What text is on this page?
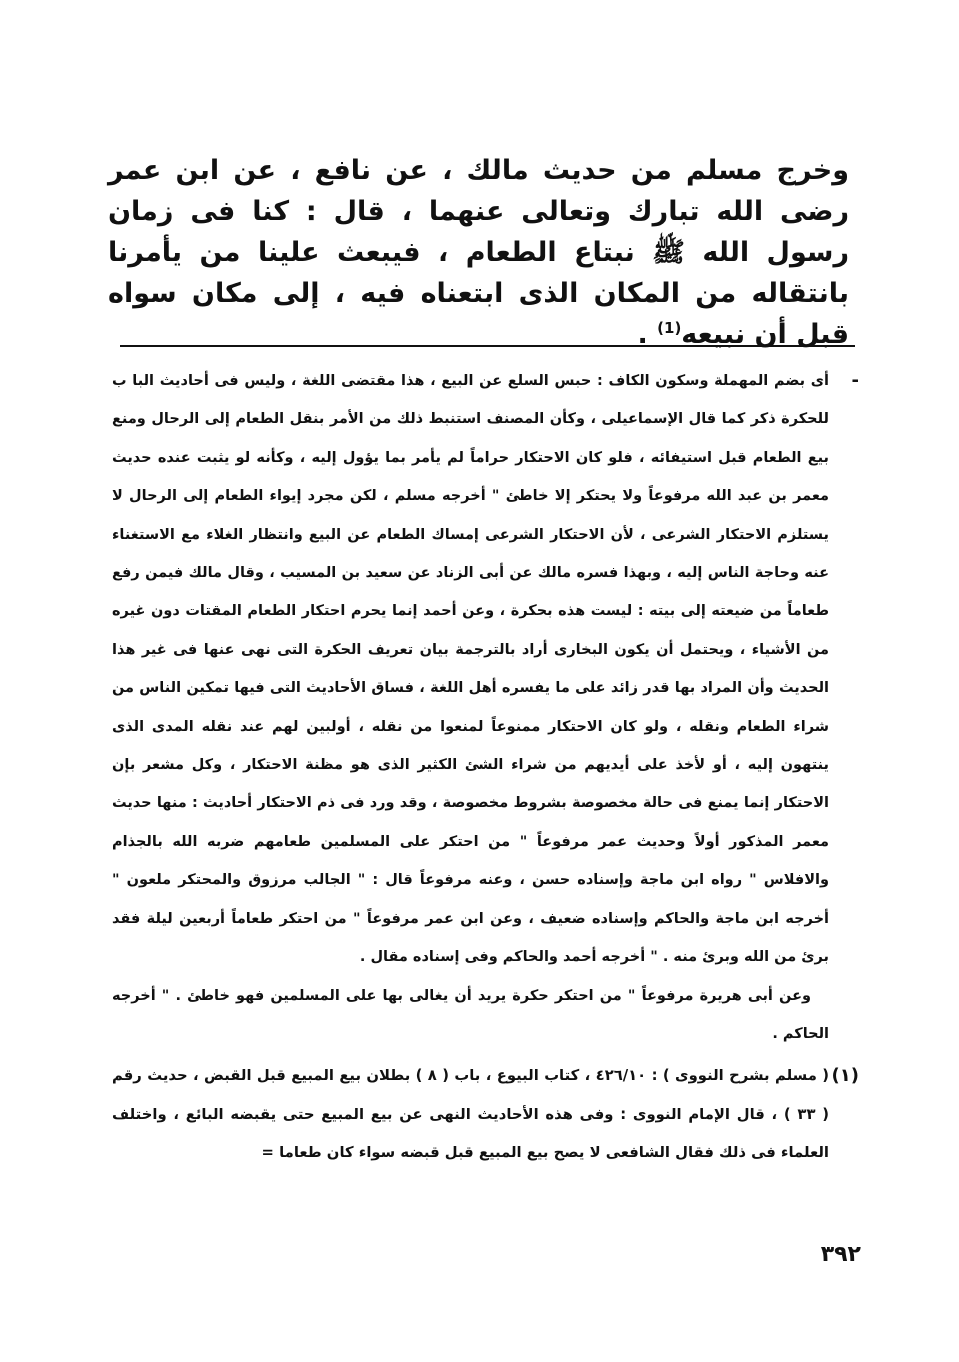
وخرج مسلم من حديث مالك ، عن نافع ، عن ابن عمر رضى الله تبارك وتعالى عنهما ، قال : كنا فى زمان رسول الله ﷺ نبتاع الطعام ، فيبعث علينا من يأمرنا بانتقاله من المكان الذى ابتعناه فيه ، إلى مكان سواه قبل أن نبيعه$^{(1)}$ .

-
أى بضم المهملة وسكون الكاف : حبس السلع عن البيع ، هذا مقتضى اللغة ، وليس فى أحاديث البا ب للحكرة ذكر كما قال الإسماعيلى ، وكأن المصنف استنبط ذلك من الأمر بنقل الطعام إلى الرحال ومنع بيع الطعام قبل استيفائه ، فلو كان الاحتكار حراماً لم يأمر بما يؤول إليه ، وكأنه لو يثبت عنده حديث معمر بن عبد الله مرفوعاً ولا يحتكر إلا خاطئ " أخرجه مسلم ، لكن مجرد إيواء الطعام إلى الرحال لا يستلزم الاحتكار الشرعى ، لأن الاحتكار الشرعى إمساك الطعام عن البيع وانتظار الغلاء مع الاستغناء عنه وحاجة الناس إليه ، وبهذا فسره مالك عن أبى الزناد عن سعيد بن المسيب ، وقال مالك فيمن رفع طعاماً من ضيعته إلى بيته : ليست هذه بحكرة ، وعن أحمد إنما يحرم احتكار الطعام المقتات دون غيره من الأشياء ، ويحتمل أن يكون البخارى أراد بالترجمة بيان تعريف الحكرة التى نهى عنها فى غير هذا الحديث وأن المراد بها قدر زائد على ما يفسره أهل اللغة ، فساق الأحاديث التى فيها تمكين الناس من شراء الطعام ونقله ، ولو كان الاحتكار ممنوعاً لمنعوا من نقله ، أولبين لهم عند نقله المدى الذى ينتهون إليه ، أو لأخذ على أيديهم من شراء الشئ الكثير الذى هو مظنة الاحتكار ، وكل مشعر بإن الاحتكار إنما يمنع فى حالة مخصوصة بشروط مخصوصة ، وقد ورد فى ذم الاحتكار أحاديث : منها حديث معمر المذكور أولاً وحديث عمر مرفوعاً " من احتكر على المسلمين طعامهم ضربه الله بالجذام والافلاس " رواه ابن ماجة وإسناده حسن ، وعنه مرفوعاً قال : " الجالب مرزوق والمحتكر ملعون " أخرجه ابن ماجة والحاكم وإسناده ضعيف ، وعن ابن عمر مرفوعاً " من احتكر طعاماً أربعين ليلة فقد برئ من الله وبرئ منه . " أخرجه أحمد والحاكم وفى إسناده مقال .

وعن أبى هريرة مرفوعاً " من احتكر حكرة يريد أن يغالى بها على المسلمين فهو خاطئ . " أخرجه الحاكم .

(١)
( مسلم بشرح النووى ) : ٤٢٦/١٠ ، كتاب البيوع ، باب ( ٨ ) بطلان بيع المبيع قبل القبض ، حديث رقم ( ٣٣ ) ، قال الإمام النووى : وفى هذه الأحاديث النهى عن بيع المبيع حتى يقبضه البائع ، واختلف العلماء فى ذلك فقال الشافعى لا يصح بيع المبيع قبل قبضه سواء كان طعاما =

٣٩٢
